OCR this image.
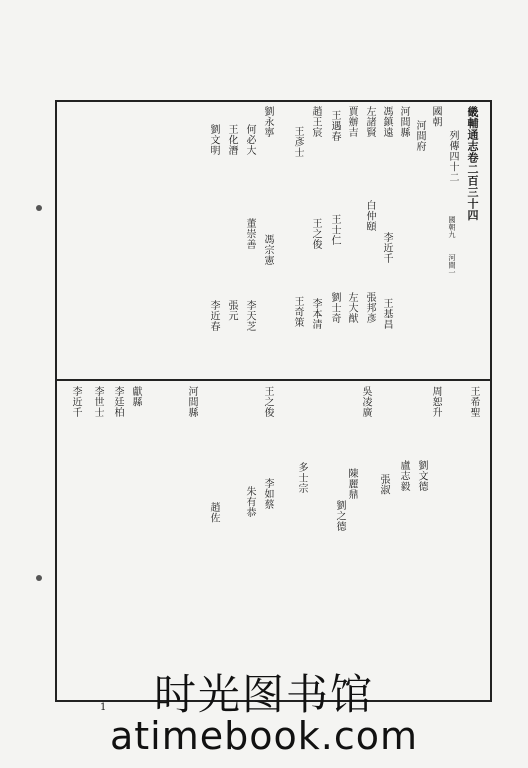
畿輔通志卷二百三十四
列傳四十二
國朝九
河間一
國朝
河間府
河間縣
馮鎮遠
李近千
王基昌
左諸賢
白仲頤
張邦彥
賈辦吉
左大猷
王遇春
王士仁
劉士奇
趙王宸
王之俊
李本清
王彥士
王奇策
劉永寧
馮宗憲
何必大
董崇善
李天芝
王化潛
張元
劉文明
李近春
王希聖
周恕升
劉文德
盧志毅
張淑
吳凌廣
陳麗鼎
多士宗
王之俊
李如蔡
朱有恭
趙佐
河間縣
獻縣
劉之德
李近千 李世士 李廷柏
1	时光图书馆
atimebook.com
